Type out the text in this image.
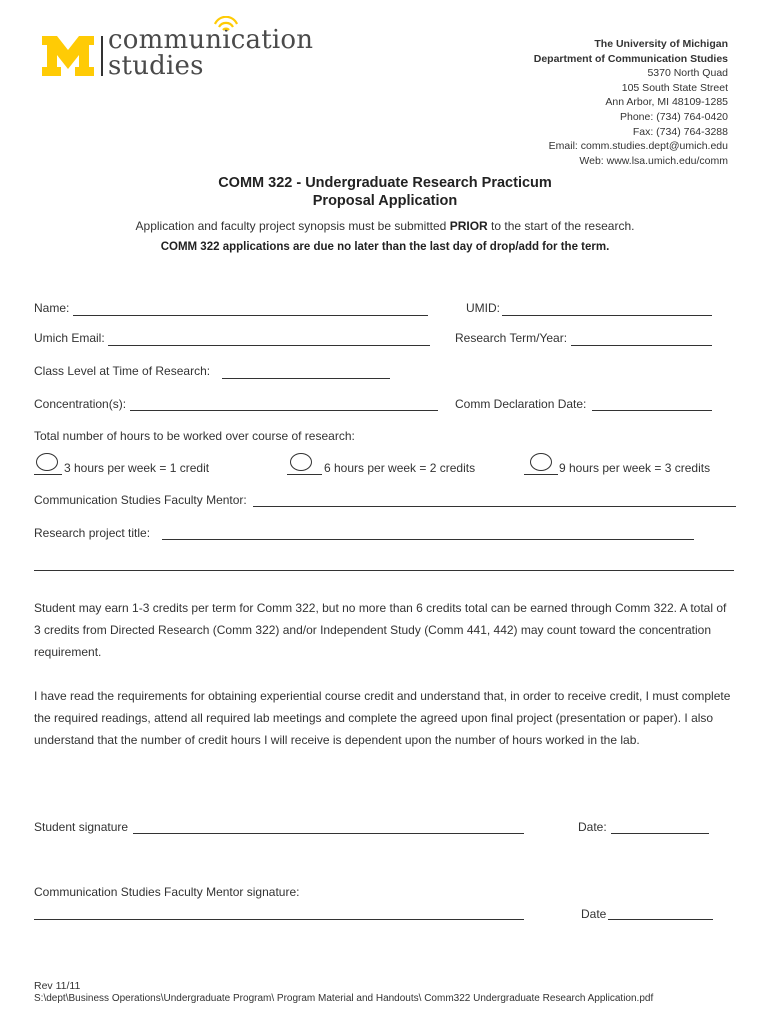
communication
studies
The University of Michigan
Department of Communication Studies
5370 North Quad
105 South State Street
Ann Arbor, MI 48109-1285
Phone: (734) 764-0420
Fax: (734) 764-3288
Email: comm.studies.dept@umich.edu
Web: www.lsa.umich.edu/comm
COMM 322 - Undergraduate Research Practicum
Proposal Application
Application and faculty project synopsis must be submitted PRIOR to the start of the research.
COMM 322 applications are due no later than the last day of drop/add for the term.
Name:	UMID:
Umich Email:	Research Term/Year:
Class Level at Time of Research:
Concentration(s):	Comm Declaration Date:
Total number of hours to be worked over course of research:
3 hours per week = 1 credit	6 hours per week = 2 credits	9 hours per week = 3 credits
Communication Studies Faculty Mentor:
Research project title:
Student may earn 1-3 credits per term for Comm 322, but no more than 6 credits total can be earned through Comm 322. A total of 3 credits from Directed Research (Comm 322) and/or Independent Study (Comm 441, 442) may count toward the concentration requirement.
I have read the requirements for obtaining experiential course credit and understand that, in order to receive credit, I must complete the required readings, attend all required lab meetings and complete the agreed upon final project (presentation or paper). I also understand that the number of credit hours I will receive is dependent upon the number of hours worked in the lab.
Student signature	Date:
Communication Studies Faculty Mentor signature:
Date
Rev 11/11
S:\dept\Business Operations\Undergraduate Program\ Program Material and Handouts\ Comm322 Undergraduate Research Application.pdf
